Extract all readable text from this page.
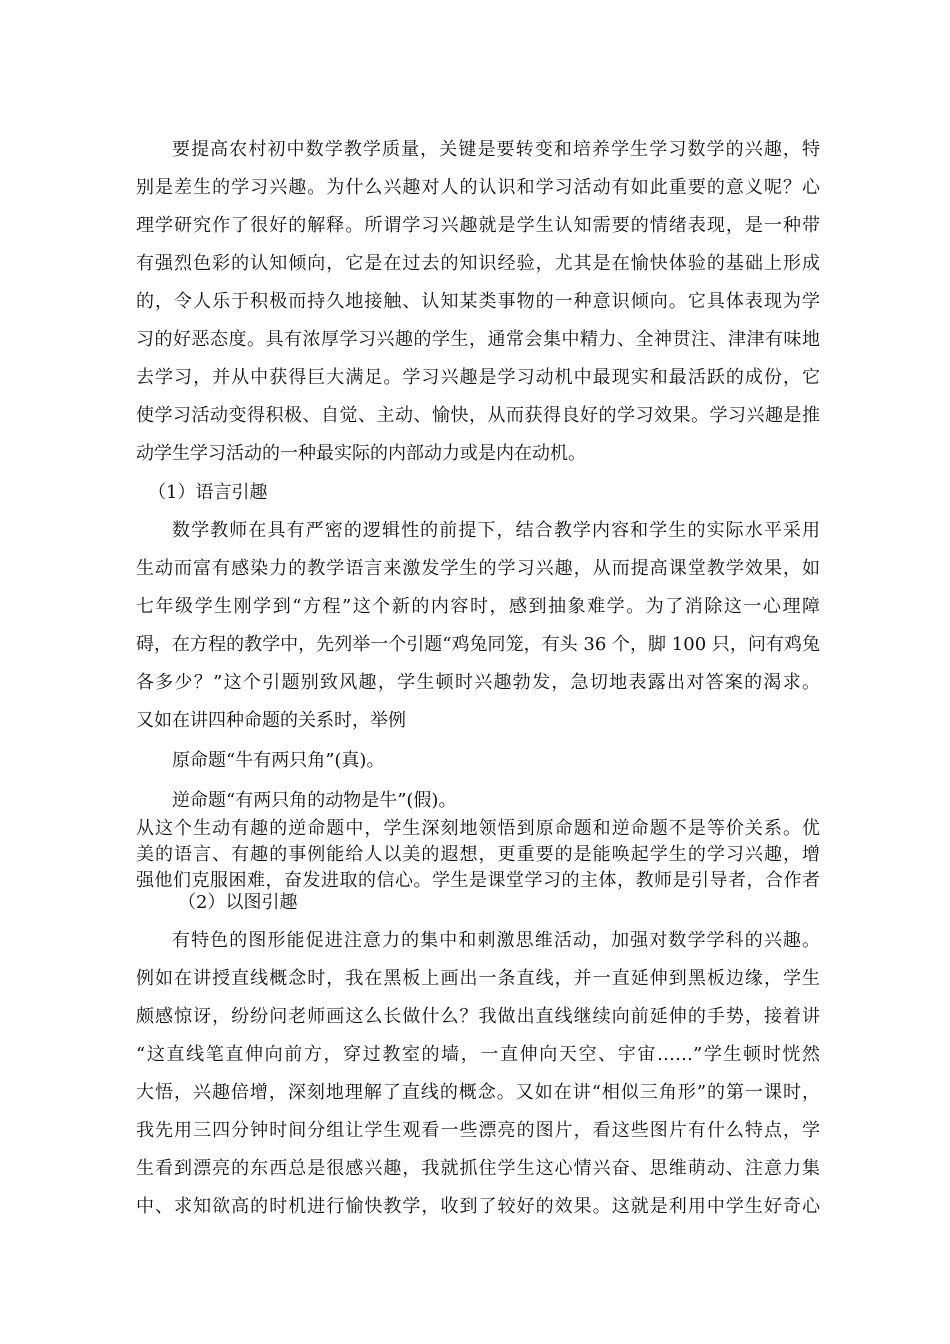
要提高农村初中数学教学质量，关键是要转变和培养学生学习数学的兴趣，特
别是差生的学习兴趣。为什么兴趣对人的认识和学习活动有如此重要的意义呢？心
理学研究作了很好的解释。所谓学习兴趣就是学生认知需要的情绪表现，是一种带
有强烈色彩的认知倾向，它是在过去的知识经验，尤其是在愉快体验的基础上形成
的，令人乐于积极而持久地接触、认知某类事物的一种意识倾向。它具体表现为学
习的好恶态度。具有浓厚学习兴趣的学生，通常会集中精力、全神贯注、津津有味地
去学习，并从中获得巨大满足。学习兴趣是学习动机中最现实和最活跃的成份，它
使学习活动变得积极、自觉、主动、愉快，从而获得良好的学习效果。学习兴趣是推
动学生学习活动的一种最实际的内部动力或是内在动机。
（1）语言引趣
数学教师在具有严密的逻辑性的前提下，结合教学内容和学生的实际水平采用
生动而富有感染力的教学语言来激发学生的学习兴趣，从而提高课堂教学效果，如
七年级学生刚学到“方程”这个新的内容时，感到抽象难学。为了消除这一心理障
碍，在方程的教学中，先列举一个引题“鸡兔同笼，有头 36 个，脚 100 只，问有鸡兔
各多少？”这个引题别致风趣，学生顿时兴趣勃发，急切地表露出对答案的渴求。
又如在讲四种命题的关系时，举例
原命题“牛有两只角”(真)。
逆命题“有两只角的动物是牛”(假)。
从这个生动有趣的逆命题中，学生深刻地领悟到原命题和逆命题不是等价关系。优
美的语言、有趣的事例能给人以美的遐想，更重要的是能唤起学生的学习兴趣，增
强他们克服困难，奋发进取的信心。学生是课堂学习的主体，教师是引导者，合作者
（2）以图引趣
有特色的图形能促进注意力的集中和刺激思维活动，加强对数学学科的兴趣。
例如在讲授直线概念时，我在黑板上画出一条直线，并一直延伸到黑板边缘，学生
颇感惊讶，纷纷问老师画这么长做什么？我做出直线继续向前延伸的手势，接着讲
“这直线笔直伸向前方，穿过教室的墙，一直伸向天空、宇宙……”学生顿时恍然
大悟，兴趣倍增，深刻地理解了直线的概念。又如在讲“相似三角形”的第一课时，
我先用三四分钟时间分组让学生观看一些漂亮的图片，看这些图片有什么特点，学
生看到漂亮的东西总是很感兴趣，我就抓住学生这心情兴奋、思维萌动、注意力集
中、求知欲高的时机进行愉快教学，收到了较好的效果。这就是利用中学生好奇心
